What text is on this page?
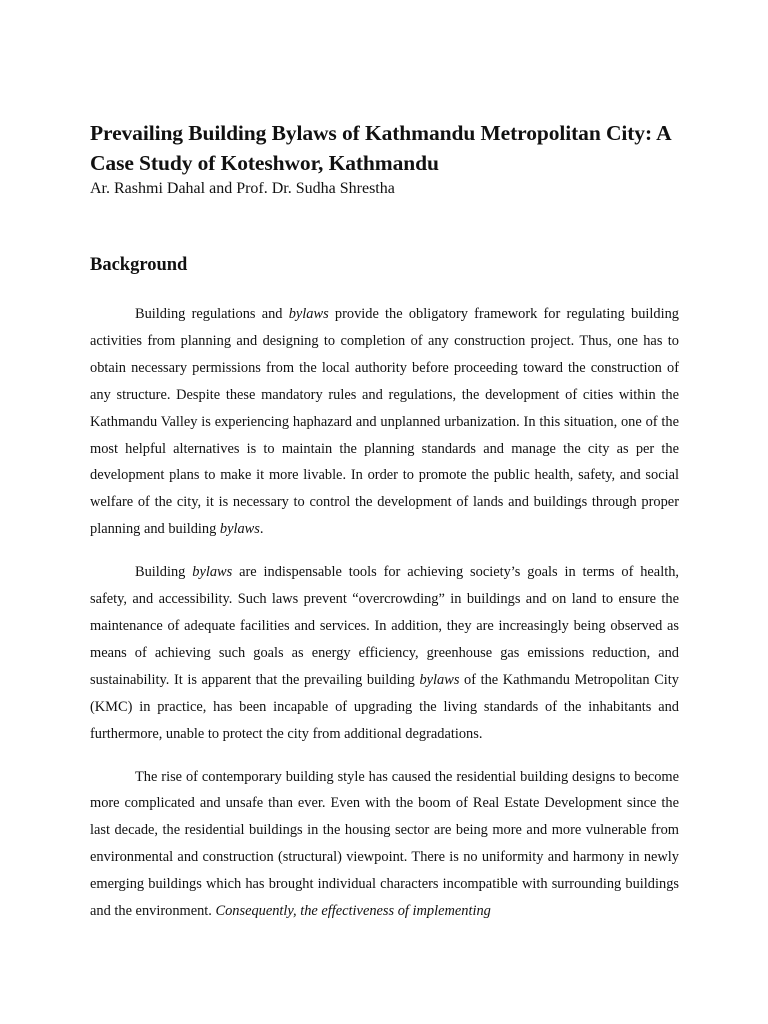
Prevailing Building Bylaws of Kathmandu Metropolitan City: A Case Study of Koteshwor, Kathmandu

Ar. Rashmi Dahal and Prof. Dr. Sudha Shrestha

Background

Building regulations and bylaws provide the obligatory framework for regulating building activities from planning and designing to completion of any construction project. Thus, one has to obtain necessary permissions from the local authority before proceeding toward the construction of any structure. Despite these mandatory rules and regulations, the development of cities within the Kathmandu Valley is experiencing haphazard and unplanned urbanization. In this situation, one of the most helpful alternatives is to maintain the planning standards and manage the city as per the development plans to make it more livable. In order to promote the public health, safety, and social welfare of the city, it is necessary to control the development of lands and buildings through proper planning and building bylaws.

Building bylaws are indispensable tools for achieving society’s goals in terms of health, safety, and accessibility. Such laws prevent “overcrowding” in buildings and on land to ensure the maintenance of adequate facilities and services. In addition, they are increasingly being observed as means of achieving such goals as energy efficiency, greenhouse gas emissions reduction, and sustainability. It is apparent that the prevailing building bylaws of the Kathmandu Metropolitan City (KMC) in practice, has been incapable of upgrading the living standards of the inhabitants and furthermore, unable to protect the city from additional degradations.

The rise of contemporary building style has caused the residential building designs to become more complicated and unsafe than ever. Even with the boom of Real Estate Development since the last decade, the residential buildings in the housing sector are being more and more vulnerable from environmental and construction (structural) viewpoint. There is no uniformity and harmony in newly emerging buildings which has brought individual characters incompatible with surrounding buildings and the environment. Consequently, the effectiveness of implementing
